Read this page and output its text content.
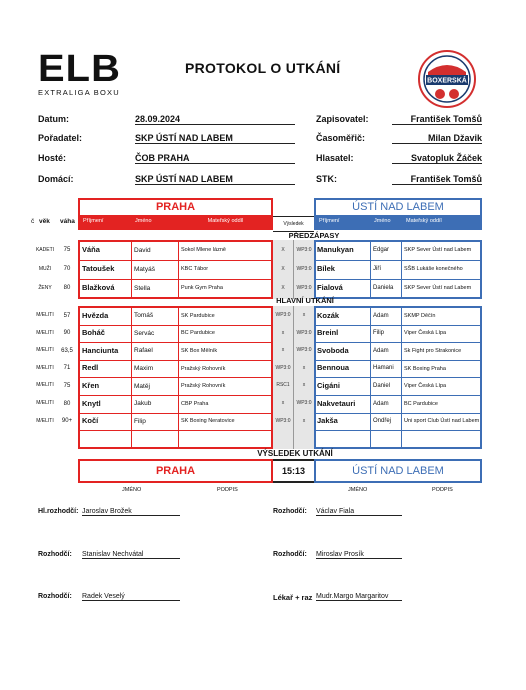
ELB
EXTRALIGA BOXU
PROTOKOL O UTKÁNÍ
BOXERSKÁ
Datum:	28.09.2024
Pořadatel:	SKP ÚSTÍ NAD LABEM
Hosté:	ČOB PRAHA
Domácí:	SKP ÚSTÍ NAD LABEM
Zapisovatel:	František Tomšů
Časoměřič:	Milan Džavik
Hlasatel:	Svatopluk Žáček
STK:	František Tomšů
PRAHA
Příjmení	Jméno	Mateřský oddíl	Výsledek
ÚSTÍ NAD LABEM
Příjmení	Jméno	Mateřský oddíl
č věk váha
PŘEDZÁPASY
KADETI	75	Váňa	David	Sokol Mlene lázně	X	WP3:0 Manukyan	Edgar	SKP Sever Ústí nad Labem
MUŽI	70	Tatoušek	Matyáš	KBC Tábor	X	WP3:0 Bílek	Jiří	SŠB Lukáše konečného
ŽENY	80	Blažková	Stella	Punk Gym Praha	X	WP3:0 Fialová	Daniela	SKP Sever Ústí nad Labem
HLAVNÍ UTKÁNÍ
M/ELITI	57	Hvězda	Tomáš	SK Pardubice	WP3:0	x	Kozák	Adam	SKMP Děčín
M/ELITI	90	Boháč	Servác	BC Pardubice	x	WP3:0 Breinl	Filip	Viper Česká Lípa
M/ELITI	63,5	Hanciunta	Rafael	SK Box Mělník	x	WP3:0 Svoboda	Adam	Sk Fight pro Strakonice
M/ELITI	71	Redl	Maxim	Pražský Rohovník	WP3:0	x	Bennoua	Hamani	SK Boxing Praha
M/ELITI	75	Křen	Matěj	Pražský Rohovník	RSC1	x	Cigáni	Daniel	Viper Česká Lípa
M/ELITI	80	Knytl	Jakub	CBP Praha	x	WP3:0 Nakvetauri	Adam	BC Pardubice
M/ELITI	90+	Kočí	Filip	SK Boxing Neratovice	WP3:0	x	Jakša	Ondřej	Uni sport Club Ústí nad Labem
VÝSLEDEK UTKÁNÍ
PRAHA	15:13	ÚSTÍ NAD LABEM
JMÉNO	PODPIS	JMÉNO	PODPIS
Hl.rozhodčí: Jaroslav Brožek	Rozhodčí: Václav Fiala
Rozhodčí: Stanislav Nechvátal	Rozhodčí: Miroslav Prosík
Rozhodčí: Radek Veselý	Lékař + raz Mudr.Margo Margaritov
